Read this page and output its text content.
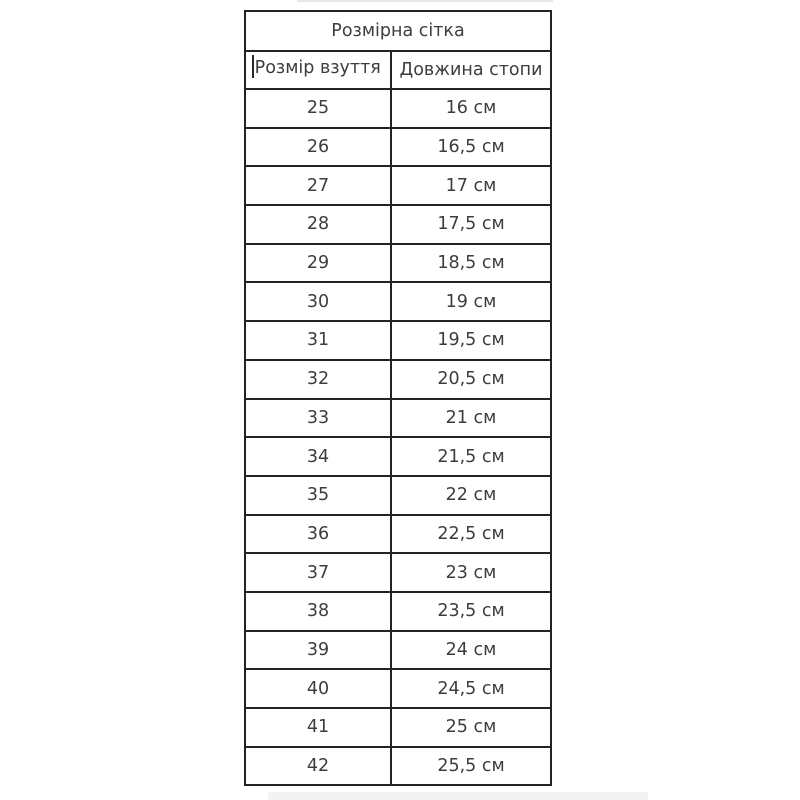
Розмірна сітка	

Розмір взуття	Довжина стопи
25	16 см
26	16,5 см
27	17 см
28	17,5 см
29	18,5 см
30	19 см
31	19,5 см
32	20,5 см
33	21 см
34	21,5 см
35	22 см
36	22,5 см
37	23 см
38	23,5 см
39	24 см
40	24,5 см
41	25 см
42	25,5 см
